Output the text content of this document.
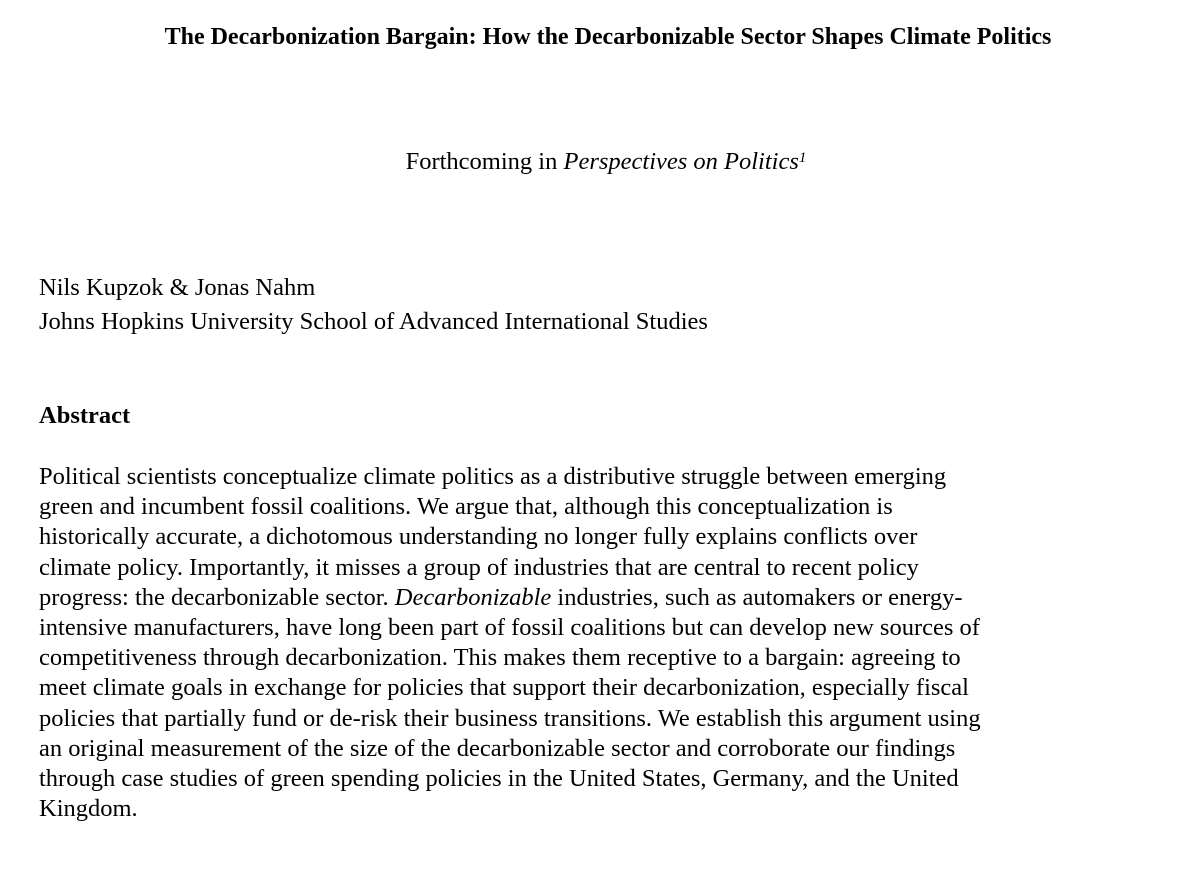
The Decarbonization Bargain: How the Decarbonizable Sector Shapes Climate Politics
Forthcoming in Perspectives on Politics$^1$
Nils Kupzok & Jonas Nahm
Johns Hopkins University School of Advanced International Studies
Abstract
Political scientists conceptualize climate politics as a distributive struggle between emerging
green and incumbent fossil coalitions. We argue that, although this conceptualization is
historically accurate, a dichotomous understanding no longer fully explains conflicts over
climate policy. Importantly, it misses a group of industries that are central to recent policy
progress: the decarbonizable sector. Decarbonizable industries, such as automakers or energy-
intensive manufacturers, have long been part of fossil coalitions but can develop new sources of
competitiveness through decarbonization. This makes them receptive to a bargain: agreeing to
meet climate goals in exchange for policies that support their decarbonization, especially fiscal
policies that partially fund or de-risk their business transitions. We establish this argument using
an original measurement of the size of the decarbonizable sector and corroborate our findings
through case studies of green spending policies in the United States, Germany, and the United
Kingdom.
